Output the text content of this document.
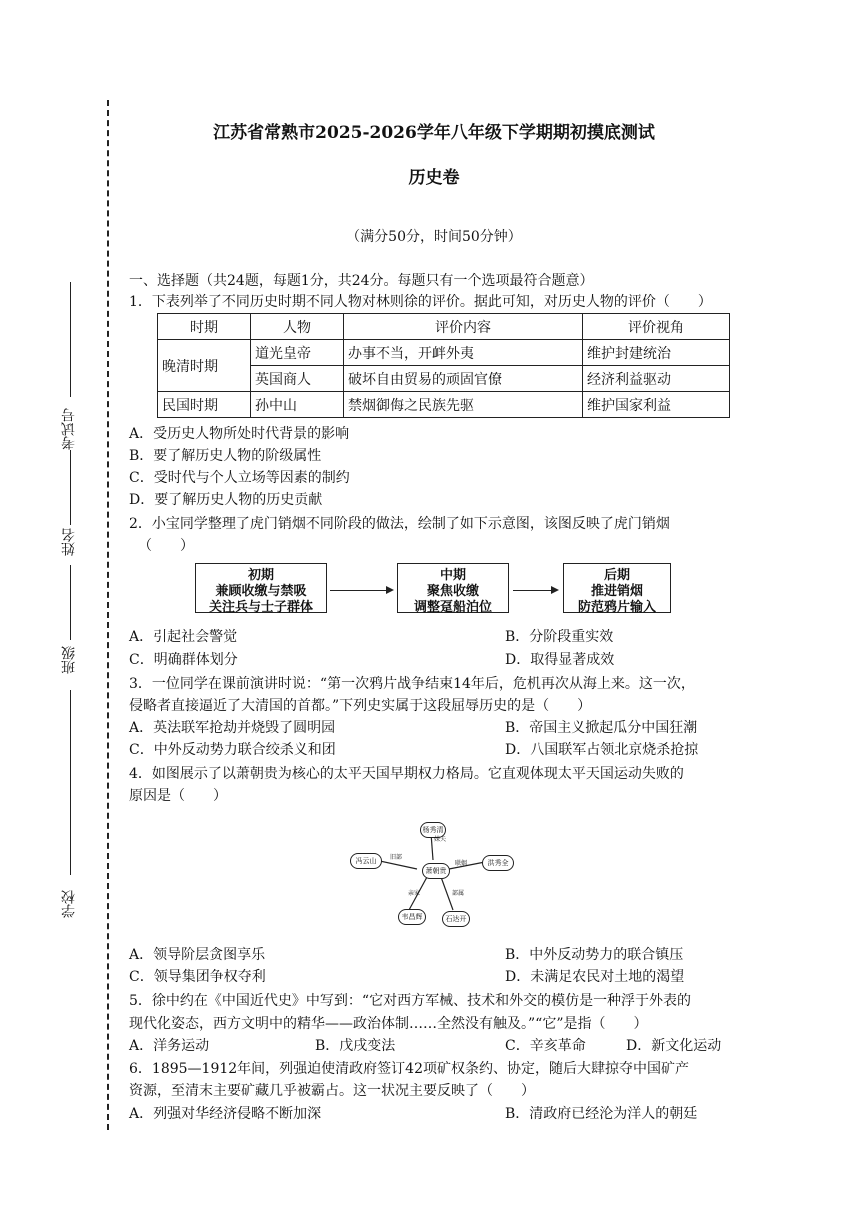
考试号
姓名
班级
学校
江苏省常熟市2025-2026学年八年级下学期期初摸底测试
历史卷
（满分50分，时间50分钟）
一、选择题（共24题，每题1分，共24分。每题只有一个选项最符合题意）
1．下表列举了不同历史时期不同人物对林则徐的评价。据此可知，对历史人物的评价（　　）
时期	人物	评价内容	评价视角
晚清时期	道光皇帝	办事不当，开衅外夷	维护封建统治
	英国商人	破坏自由贸易的顽固官僚	经济利益驱动
民国时期	孙中山	禁烟御侮之民族先驱	维护国家利益
A．受历史人物所处时代背景的影响
B．要了解历史人物的阶级属性
C．受时代与个人立场等因素的制约
D．要了解历史人物的历史贡献
2．小宝同学整理了虎门销烟不同阶段的做法，绘制了如下示意图，该图反映了虎门销烟
（　　）
初期
兼顾收缴与禁吸
关注兵与士子群体
中期
聚焦收缴
调整趸船泊位
后期
推进销烟
防范鸦片输入
A．引起社会警觉	B．分阶段重实效
C．明确群体划分	D．取得显著成效
3．一位同学在课前演讲时说：“第一次鸦片战争结束14年后，危机再次从海上来。这一次，
侵略者直接逼近了大清国的首都。”下列史实属于这段屈辱历史的是（　　）
A．英法联军抢劫并烧毁了圆明园	B．帝国主义掀起瓜分中国狂潮
C．中外反动势力联合绞杀义和团	D．八国联军占领北京烧杀抢掠
4．如图展示了以萧朝贵为核心的太平天国早期权力格局。它直观体现太平天国运动失败的
原因是（　　）
杨秀清
冯云山
萧朝贵
洪秀全
韦昌辉	石达开
妹夫
旧部
联姻
亲家	部属
A．领导阶层贪图享乐	B．中外反动势力的联合镇压
C．领导集团争权夺利	D．未满足农民对土地的渴望
5．徐中约在《中国近代史》中写到：“它对西方军械、技术和外交的模仿是一种浮于外表的
现代化姿态，西方文明中的精华——政治体制……全然没有触及。”“它”是指（　　）
A．洋务运动	B．戊戌变法	C．辛亥革命	D．新文化运动
6．1895—1912年间，列强迫使清政府签订42项矿权条约、协定，随后大肆掠夺中国矿产
资源，至清末主要矿藏几乎被霸占。这一状况主要反映了（　　）
A．列强对华经济侵略不断加深	B．清政府已经沦为洋人的朝廷
